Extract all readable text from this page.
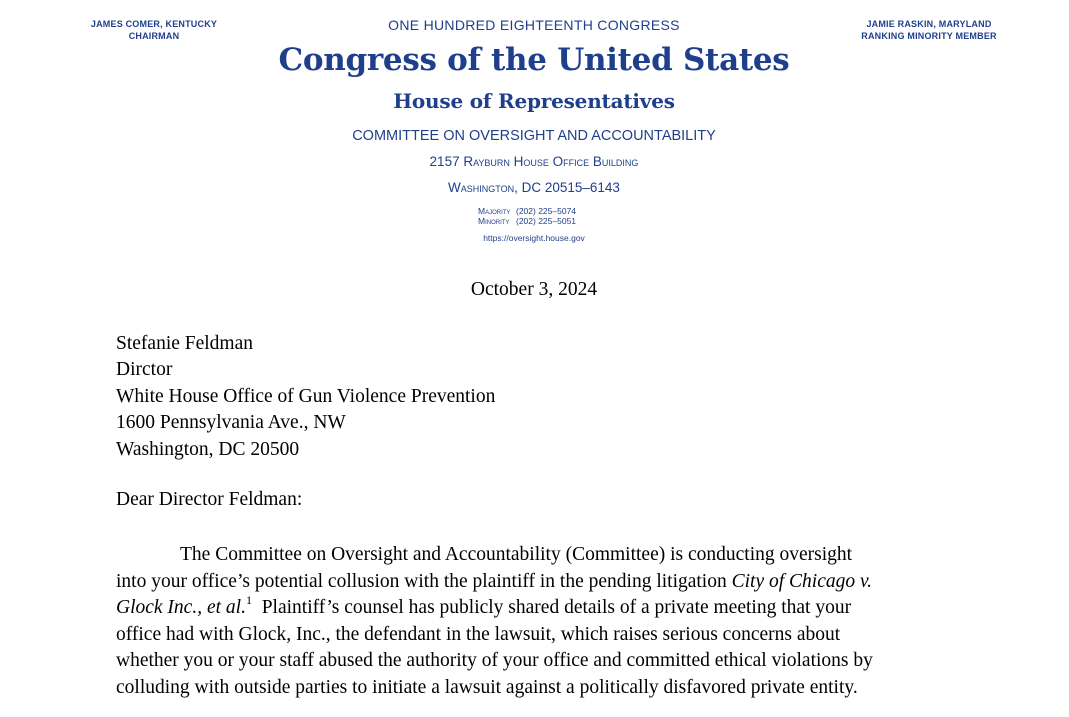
JAMES COMER, KENTUCKY
CHAIRMAN
JAMIE RASKIN, MARYLAND
RANKING MINORITY MEMBER
ONE HUNDRED EIGHTEENTH CONGRESS
Congress of the United States
House of Representatives
COMMITTEE ON OVERSIGHT AND ACCOUNTABILITY
2157 Rayburn House Office Building
Washington, DC 20515–6143
Majority (202) 225–5074
Minority (202) 225–5051
https://oversight.house.gov
October 3, 2024
Stefanie Feldman
Dirctor
White House Office of Gun Violence Prevention
1600 Pennsylvania Ave., NW
Washington, DC 20500
Dear Director Feldman:
The Committee on Oversight and Accountability (Committee) is conducting oversight
into your office’s potential collusion with the plaintiff in the pending litigation City of Chicago v.
Glock Inc., et al.$^1$  Plaintiff’s counsel has publicly shared details of a private meeting that your
office had with Glock, Inc., the defendant in the lawsuit, which raises serious concerns about
whether you or your staff abused the authority of your office and committed ethical violations by
colluding with outside parties to initiate a lawsuit against a politically disfavored private entity.
